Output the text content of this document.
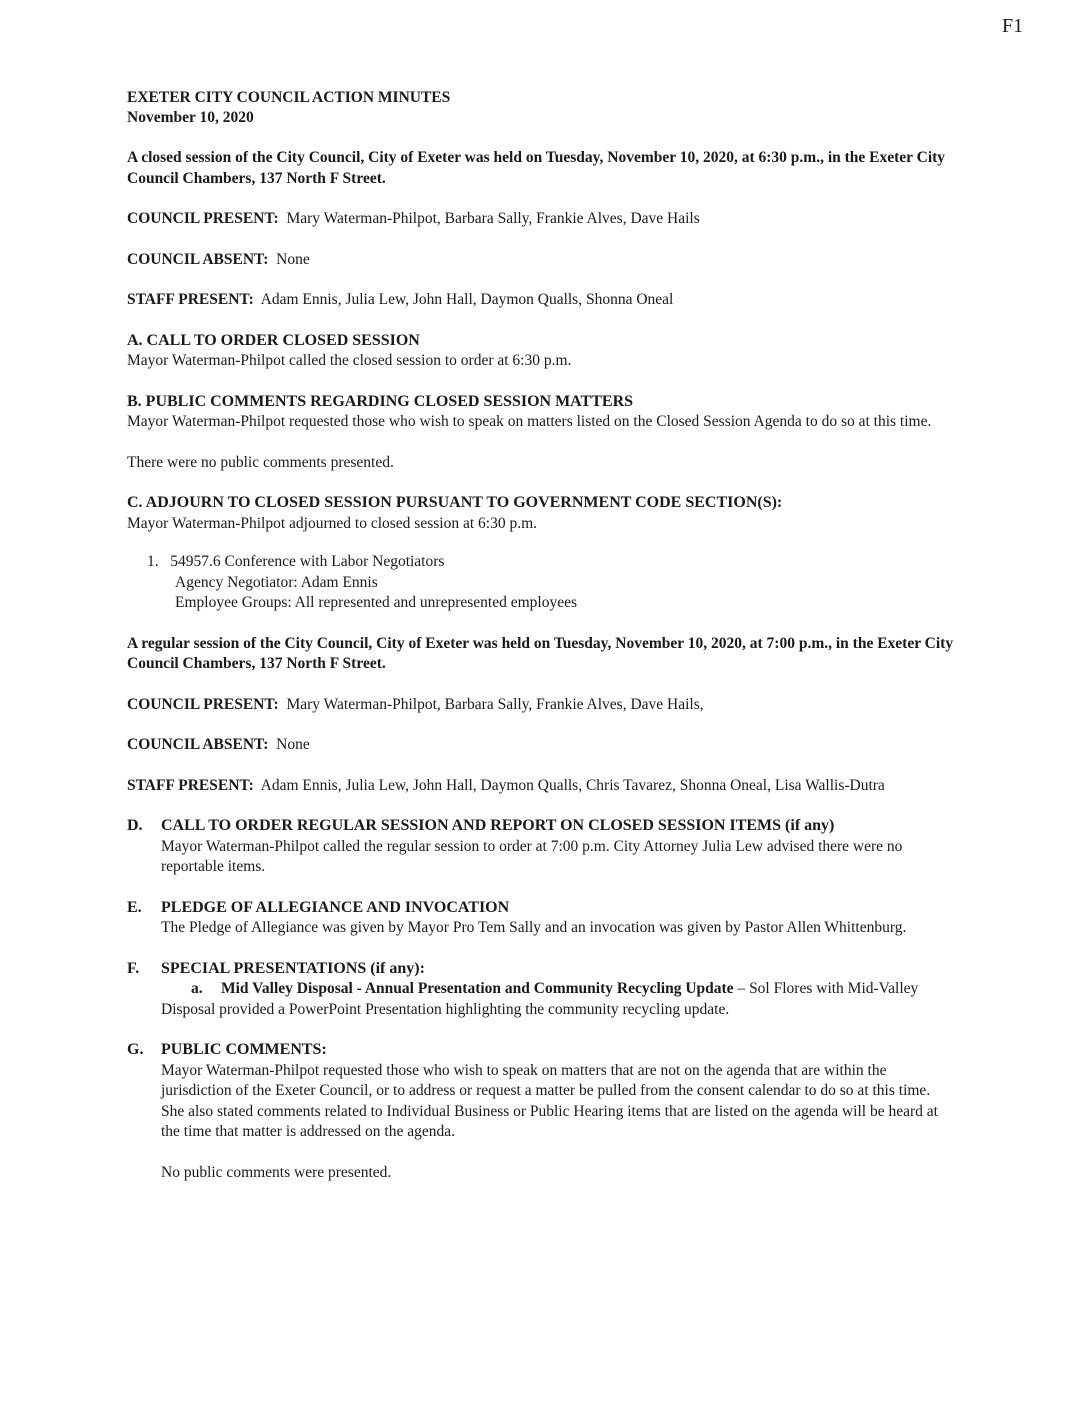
F1

EXETER CITY COUNCIL ACTION MINUTES

November 10, 2020

A closed session of the City Council, City of Exeter was held on Tuesday, November 10, 2020, at 6:30 p.m., in the Exeter City Council Chambers, 137 North F Street.

COUNCIL PRESENT: Mary Waterman-Philpot, Barbara Sally, Frankie Alves, Dave Hails

COUNCIL ABSENT: None

STAFF PRESENT: Adam Ennis, Julia Lew, John Hall, Daymon Qualls, Shonna Oneal

A. CALL TO ORDER CLOSED SESSION

Mayor Waterman-Philpot called the closed session to order at 6:30 p.m.

B. PUBLIC COMMENTS REGARDING CLOSED SESSION MATTERS

Mayor Waterman-Philpot requested those who wish to speak on matters listed on the Closed Session Agenda to do so at this time.

There were no public comments presented.

C. ADJOURN TO CLOSED SESSION PURSUANT TO GOVERNMENT CODE SECTION(S):

Mayor Waterman-Philpot adjourned to closed session at 6:30 p.m.

1. 54957.6 Conference with Labor Negotiators

Agency Negotiator: Adam Ennis

Employee Groups: All represented and unrepresented employees

A regular session of the City Council, City of Exeter was held on Tuesday, November 10, 2020, at 7:00 p.m., in the Exeter City Council Chambers, 137 North F Street.

COUNCIL PRESENT: Mary Waterman-Philpot, Barbara Sally, Frankie Alves, Dave Hails,

COUNCIL ABSENT: None

STAFF PRESENT: Adam Ennis, Julia Lew, John Hall, Daymon Qualls, Chris Tavarez, Shonna Oneal, Lisa Wallis-Dutra

D.	CALL TO ORDER REGULAR SESSION AND REPORT ON CLOSED SESSION ITEMS (if any)

Mayor Waterman-Philpot called the regular session to order at 7:00 p.m. City Attorney Julia Lew advised there were no reportable items.

E.	PLEDGE OF ALLEGIANCE AND INVOCATION

The Pledge of Allegiance was given by Mayor Pro Tem Sally and an invocation was given by Pastor Allen Whittenburg.

F.	SPECIAL PRESENTATIONS (if any):

a. Mid Valley Disposal - Annual Presentation and Community Recycling Update – Sol Flores with Mid-Valley Disposal provided a PowerPoint Presentation highlighting the community recycling update.

G.	PUBLIC COMMENTS:

Mayor Waterman-Philpot requested those who wish to speak on matters that are not on the agenda that are within the jurisdiction of the Exeter Council, or to address or request a matter be pulled from the consent calendar to do so at this time. She also stated comments related to Individual Business or Public Hearing items that are listed on the agenda will be heard at the time that matter is addressed on the agenda.

No public comments were presented.
